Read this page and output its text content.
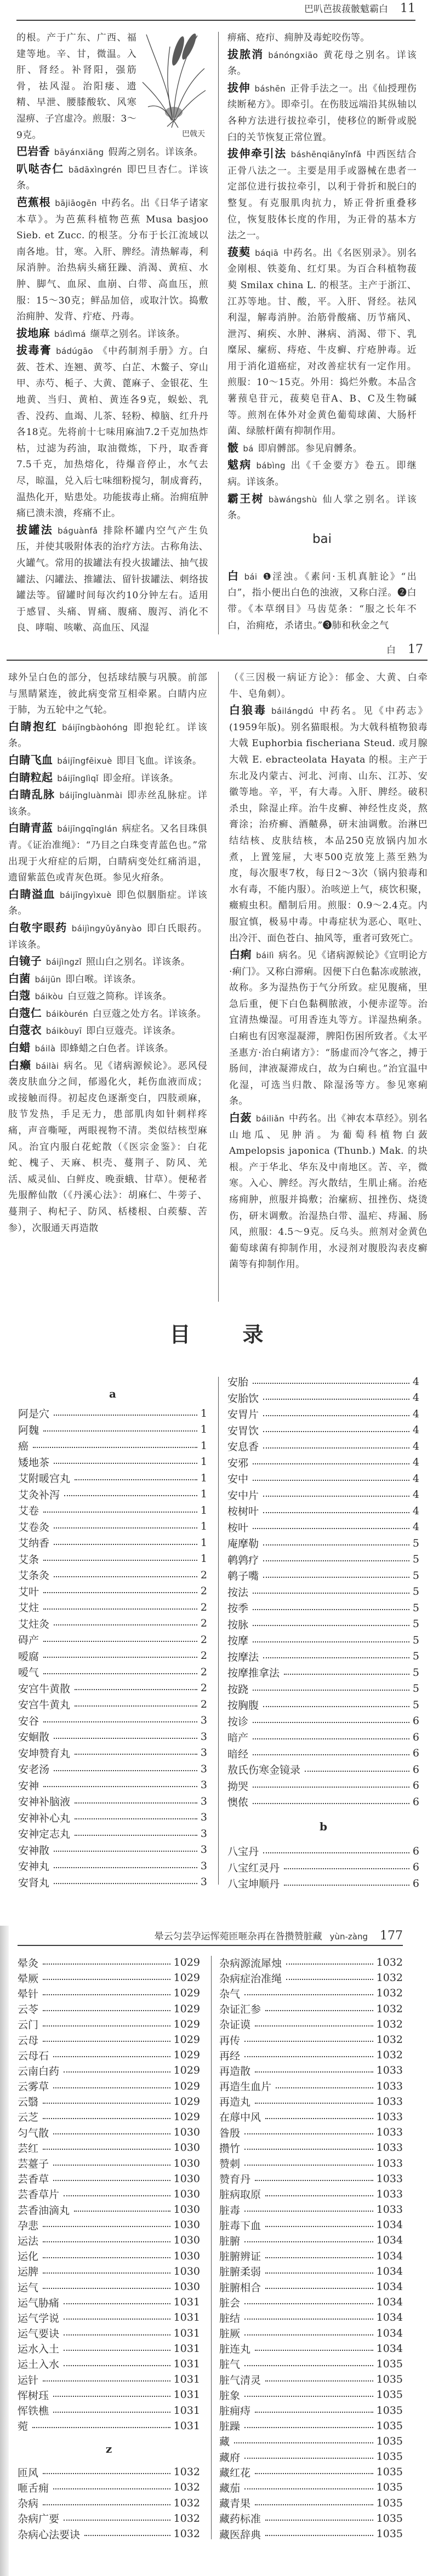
巴叭芭拔菝骳魃霸白 11
巴戟天

的根。产于广东、广西、福建等地。辛、甘，微温。入肝、肾经。补肾阳，强筋骨，祛风湿。治阳痿、遗精、早泄、腰膝酸软、风寒湿痹、子宫虚冷。煎服：3～9克。

巴岩香 bāyánxiāng 假蒟之别名。详该条。

叭哒杏仁 bādāxìngrén 即巴旦杏仁。详该条。

芭蕉根 bājiāogēn 中药名。出《日华子诸家本草》。为芭蕉科植物芭蕉 Musa basjoo Sieb. et Zucc. 的根茎。分布于长江流域以南各地。甘，寒。入肝、脾经。清热解毒，利尿消肿。治热病头痛狂躁、消渴、黄疸、水肿、脚气、血尿、血崩、白带、高血压，煎服：15～30克；鲜品加倍，或取汁饮。捣敷治痈肿、发背、疔疮、丹毒。

拔地麻 bádìmá 缬草之别名。详该条。

拔毒膏 bádúgāo 《中药制剂手册》方。白蔹、苍术、连翘、黄芩、白芷、木鳖子、穿山甲、赤芍、栀子、大黄、蓖麻子、金银花、生地黄、当归、黄柏、黄连各9克，蜈蚣、乳香、没药、血竭、儿茶、轻粉、樟脑、红升丹各18克。先将前十七味用麻油7.2千克加热炸枯，过滤为药油，取油微炼，下丹，取香膏7.5千克，加热熔化，待爆音停止，水气去尽，晾温，兑入后七味细粉搅匀，制成膏药，温热化开，贴患处。功能拔毒止痛。治痈疽肿痛已溃未溃，疼痛不止。

拔罐法 báguànfǎ 排除杯罐内空气产生负压，并使其吸附体表的治疗方法。古称角法、火罐气。常用的拔罐法有投火拔罐法、抽气拔罐法、闪罐法、推罐法、留针拔罐法、刺络拔罐法等。留罐时间每次约10分钟左右。适用于感冒、头痛、胃痛、腹痛、腹泻、消化不良、哮喘、咳嗽、高血压、风湿

痹痛、疮疖、痈肿及毒蛇咬伤等。

拔脓消 bánóngxiāo 黄花母之别名。详该条。

拔伸 báshēn 正骨手法之一。出《仙授理伤续断秘方》。即牵引。在伤肢远端沿其纵轴以各种方法进行拔拉牵引，使移位的断骨或脱臼的关节恢复正常位置。

拔伸牵引法 báshēnqiānyǐnfǎ 中西医结合正骨八法之一。主要是用手或器械在患者一定部位进行拔拉牵引，以利于骨折和脱臼的整复。有克服肌肉抗力，矫正骨折重叠移位，恢复肢体长度的作用，为正骨的基本方法之一。

菝葜 báqiā 中药名。出《名医别录》。别名金刚根、铁菱角、红灯果。为百合科植物菝葜 Smilax china L. 的根茎。主产于浙江、江苏等地。甘、酸，平。入肝、肾经。祛风利湿，解毒消肿。治筋骨酸痛、历节痛风、泄泻、痢疾、水肿、淋病、消渴、带下、乳糜尿、瘰疬、痔疮、牛皮癣、疔疮肿毒。近用于消化道癌症，对改善症状有一定作用。煎服：10～15克。外用：捣烂外敷。本品含薯蓣皂苷元，菝葜皂苷A、B、C及生物碱等。煎剂在体外对金黄色葡萄球菌、大肠杆菌、绿脓杆菌有抑制作用。

骳 bá 即肩髆部。参见肩髆条。

魃病 bábìng 出《千金要方》卷五。即继病。详该条。

霸王树 bàwángshù 仙人掌之别名。详该条。

bai

白 bái ❶淫浊。《素问·玉机真脏论》“出白”，指小便出白色的浊液，又称白淫。❷白带。《本草纲目》马齿苋条：“服之长年不白，治痈疮，杀诸虫。”❸肺和秋金之气

白 17

球外呈白色的部分，包括球结膜与巩膜。前部与黑睛紧连，彼此病变常互相牵累。白睛内应于肺，为五轮中之气轮。

白睛抱红 báijīngbàohóng 即抱轮红。详该条。

白睛飞血 báijīngfēixuè 即目飞血。详该条。

白睛粒起 báijīnglìqǐ 即金疳。详该条。

白睛乱脉 báijīngluànmài 即赤丝乱脉症。详该条。

白睛青蓝 báijīngqīnglán 病症名。又名目珠俱青。《证治准绳》：“乃目之白珠变青蓝色也。”常出现于火疳症的后期，白睛病变处红痛消退，遗留紫蓝色或青灰色斑。参见火疳条。

白睛溢血 báijīngyìxuè 即色似胭脂症。详该条。

白敬宇眼药 báijìngyǔyǎnyào 即白氏眼药。详该条。

白镜子 báijìngzǐ 照山白之别名。详该条。

白菌 báijūn 即白喉。详该条。

白蔻 báikòu 白豆蔻之简称。详该条。

白蔻仁 báikòurén 白豆蔻之处方名。详该条。

白蔻衣 báikòuyī 即白豆蔻壳。详该条。

白蜡 báilà 即蜂蜡之白色者。详该条。

白癞 báilài 病名。见《诸病源候论》。恶风侵袭皮肤血分之间，郁遏化火，耗伤血液而成；或接触而得。初起皮色逐渐变白，四肢顽麻，肢节发热，手足无力，患部肌肉如针刺样疼痛，声音嘶哑，两眼视物不清。类似结核型麻风。治宜内服白花蛇散（《医宗金鉴》：白花蛇、槐子、天麻、枳壳、蔓荆子、防风、羌活、威灵仙、白鲜皮、晚蚕蛾、甘草）。便秘者先服醉仙散（《丹溪心法》：胡麻仁、牛蒡子、蔓荆子、枸杞子、防风、栝楼根、白蒺藜、苦参），次服通天再造散

（《三因极一病证方论》：郁金、大黄、白牵牛、皂角刺）。

白狼毒 báilángdú 中药名。见《中药志》(1959年版)。别名猫眼根。为大戟科植物狼毒大戟 Euphorbia fischeriana Steud. 或月腺大戟 E. ebracteolata Hayata 的根。主产于东北及内蒙古、河北、河南、山东、江苏、安徽等地。辛，平，有大毒。入肝、脾经。破积杀虫，除湿止痒。治牛皮癣、神经性皮炎，熬膏涂；治疥癣、酒齄鼻，研末油调敷。治淋巴结结核、皮肤结核，本品250克放锅内加水煮，上置笼屉，大枣500克放笼上蒸至熟为度，每次服枣7枚，每日2～3次（锅内狼毒和水有毒，不能内服）。治咳逆上气，痰饮积聚，癥瘕虫积。醋制后用。煎服：0.9～2.4克。内服宜慎，极易中毒。中毒症状为恶心、呕吐、出冷汗、面色苍白、抽风等，重者可致死亡。

白痢 báilì 病名。见《诸病源候论》《宣明论方·痢门》。又称白滞痢。因便下白色黏冻或脓液，故称。多为湿热伤于气分所致。症见腹痛，里急后重，便下白色黏稠脓液，小便赤涩等。治宜清热燥湿。可用香连丸等方。详湿热痢条。白痢也有因寒湿凝滞，脾阳伤困所致者。《太平圣惠方·治白痢诸方》：“肠虚而冷气客之，搏于肠间，津液凝滞成白，故为白痢也。”治宜温中化湿，可选当归散、除湿汤等方。参见寒痢条。

白蔹 báiliǎn 中药名。出《神农本草经》。别名山地瓜、见肿消。为葡萄科植物白蔹 Ampelopsis japonica (Thunb.) Mak. 的块根。产于华北、华东及中南地区。苦、辛，微寒。入心、脾经。泻火散结，生肌止痛。治疮疡痈肿，煎服并捣敷；治瘰疬、扭挫伤、烧烫伤，研末调敷。治湿热白带、温疟、痔漏、肠风，煎服：4.5～9克。反乌头。煎剂对金黄色葡萄球菌有抑制作用，水浸剂对腹股沟表皮癣菌等有抑制作用。

目录
a
阿是穴	1
阿魏	1
癌	1
矮地茶	1
艾附暖宫丸	1
艾灸补泻	1
艾卷	1
艾卷灸	1
艾纳香	1
艾条	1
艾条灸	2
艾叶	2
艾炷	2
艾炷灸	2
碍产	2
嗳腐	2
嗳气	2
安宫牛黄散	2
安宫牛黄丸	2
安谷	3
安蛔散	3
安坤赞育丸	3
安老汤	3
安神	3
安神补脑液	3
安神补心丸	3
安神定志丸	3
安神散	3
安神丸	3
安肾丸	3
安胎	4
安胎饮	4
安胃片	4
安胃饮	4
安息香	4
安邪	4
安中	4
安中片	4
桉树叶	4
桉叶	4
庵摩勒	5
鹌鹑疗	5
鹌子嘴	5
按法	5
按季	5
按脉	5
按摩	5
按摩法	5
按摩推拿法	5
按跷	5
按胸腹	5
按诊	6
暗产	6
暗经	6
敖氏伤寒金镜录	6
拗哭	6
懊侬	6
b
八宝丹	6
八宝红灵丹	6
八宝坤顺丹	6
晕云匀芸孕运恽菀匝咂杂再在昝攒赞脏藏 yùn-zàng 177
晕灸	1029
晕厥	1029
晕针	1029
云苓	1029
云门	1029
云母	1029
云母石	1029
云南白药	1029
云雾草	1029
云翳	1029
云芝	1029
匀气散	1030
芸红	1030
芸薹子	1030
芸香草	1030
芸香草片	1030
芸香油滴丸	1030
孕悲	1030
运法	1030
运化	1030
运脾	1030
运气	1030
运气胁痛	1031
运气学说	1031
运气要诀	1031
运水入土	1031
运土入水	1031
运针	1031
恽树珏	1031
恽铁樵	1031
菀	1031
z
匝风	1032
咂舌痈	1032
杂病	1032
杂病广要	1032
杂病心法要诀	1032
杂病源流犀烛	1032
杂病症治准绳	1032
杂气	1032
杂证汇参	1032
杂证谟	1032
再传	1032
再经	1032
再造散	1033
再造生血片	1033
再造丸	1033
在蓐中风	1033
昝殷	1033
攒竹	1033
赞刺	1033
赞育丹	1033
脏病取原	1033
脏毒	1033
脏毒下血	1034
脏腑	1034
脏腑辨证	1034
脏腑柔弱	1034
脏腑相合	1034
脏会	1034
脏结	1034
脏厥	1034
脏连丸	1034
脏气	1035
脏气清灵	1035
脏象	1035
脏痈痔	1035
脏躁	1035
藏	1035
藏府	1035
藏红花	1035
藏茄	1035
藏青果	1035
藏药标准	1035
藏医辞典	1035
